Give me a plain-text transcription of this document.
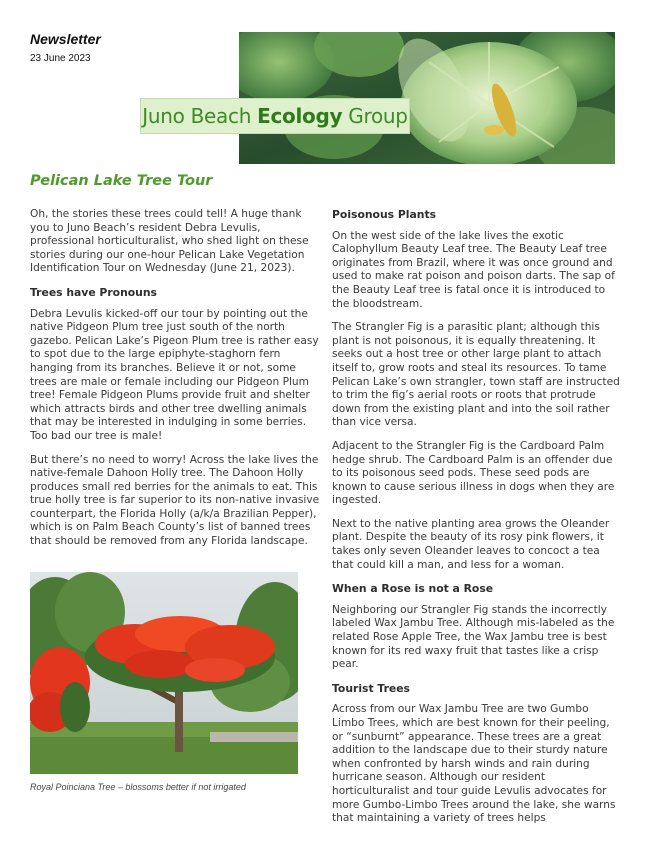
Newsletter
23 June 2023
Juno Beach Ecology Group
Pelican Lake Tree Tour

Oh, the stories these trees could tell! A huge thank you to Juno Beach’s resident Debra Levulis, professional horticulturalist, who shed light on these stories during our one-hour Pelican Lake Vegetation Identification Tour on Wednesday (June 21, 2023).

Trees have Pronouns

Debra Levulis kicked-off our tour by pointing out the native Pidgeon Plum tree just south of the north gazebo. Pelican Lake’s Pigeon Plum tree is rather easy to spot due to the large epiphyte-staghorn fern hanging from its branches. Believe it or not, some trees are male or female including our Pidgeon Plum tree! Female Pidgeon Plums provide fruit and shelter which attracts birds and other tree dwelling animals that may be interested in indulging in some berries. Too bad our tree is male!

But there’s no need to worry! Across the lake lives the native-female Dahoon Holly tree. The Dahoon Holly produces small red berries for the animals to eat. This true holly tree is far superior to its non-native invasive counterpart, the Florida Holly (a/k/a Brazilian Pepper), which is on Palm Beach County’s list of banned trees that should be removed from any Florida landscape.

Poisonous Plants

On the west side of the lake lives the exotic Calophyllum Beauty Leaf tree. The Beauty Leaf tree originates from Brazil, where it was once ground and used to make rat poison and poison darts. The sap of the Beauty Leaf tree is fatal once it is introduced to the bloodstream.

The Strangler Fig is a parasitic plant; although this plant is not poisonous, it is equally threatening. It seeks out a host tree or other large plant to attach itself to, grow roots and steal its resources. To tame Pelican Lake’s own strangler, town staff are instructed to trim the fig’s aerial roots or roots that protrude down from the existing plant and into the soil rather than vice versa.

Adjacent to the Strangler Fig is the Cardboard Palm hedge shrub. The Cardboard Palm is an offender due to its poisonous seed pods. These seed pods are known to cause serious illness in dogs when they are ingested.

Next to the native planting area grows the Oleander plant. Despite the beauty of its rosy pink flowers, it takes only seven Oleander leaves to concoct a tea that could kill a man, and less for a woman.

When a Rose is not a Rose

Neighboring our Strangler Fig stands the incorrectly labeled Wax Jambu Tree. Although mis-labeled as the related Rose Apple Tree, the Wax Jambu tree is best known for its red waxy fruit that tastes like a crisp pear.

Tourist Trees

Across from our Wax Jambu Tree are two Gumbo Limbo Trees, which are best known for their peeling, or “sunburnt” appearance. These trees are a great addition to the landscape due to their sturdy nature when confronted by harsh winds and rain during hurricane season. Although our resident horticulturalist and tour guide Levulis advocates for more Gumbo-Limbo Trees around the lake, she warns that maintaining a variety of trees helps

Royal Poinciana Tree – blossoms better if not irrigated
